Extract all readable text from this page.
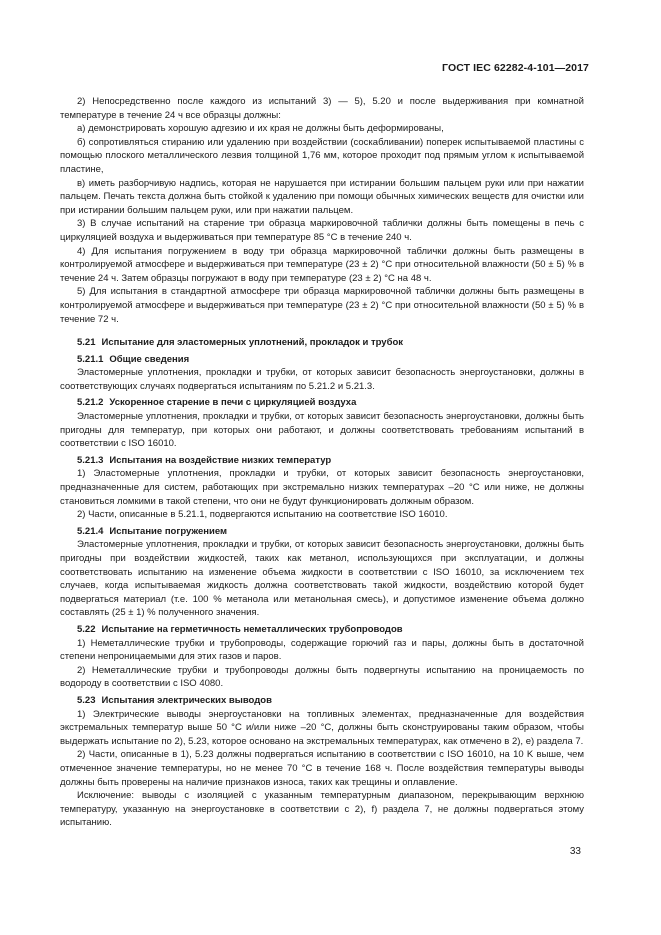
ГОСТ IEC 62282-4-101—2017

2) Непосредственно после каждого из испытаний 3) — 5), 5.20 и после выдерживания при комнатной температуре в течение 24 ч все образцы должны:

а) демонстрировать хорошую адгезию и их края не должны быть деформированы,

б) сопротивляться стиранию или удалению при воздействии (соскабливании) поперек испытываемой пластины с помощью плоского металлического лезвия толщиной 1,76 мм, которое проходит под прямым углом к испытываемой пластине,

в) иметь разборчивую надпись, которая не нарушается при истирании большим пальцем руки или при нажатии пальцем. Печать текста должна быть стойкой к удалению при помощи обычных химических веществ для очистки или при истирании большим пальцем руки, или при нажатии пальцем.

3) В случае испытаний на старение три образца маркировочной таблички должны быть помещены в печь с циркуляцией воздуха и выдерживаться при температуре 85 °C в течение 240 ч.

4) Для испытания погружением в воду три образца маркировочной таблички должны быть размещены в контролируемой атмосфере и выдерживаться при температуре (23 ± 2) °C при относительной влажности (50 ± 5) % в течение 24 ч. Затем образцы погружают в воду при температуре (23 ± 2) °C на 48 ч.

5) Для испытания в стандартной атмосфере три образца маркировочной таблички должны быть размещены в контролируемой атмосфере и выдерживаться при температуре (23 ± 2) °C при относительной влажности (50 ± 5) % в течение 72 ч.

5.21 Испытание для эластомерных уплотнений, прокладок и трубок
5.21.1 Общие сведения

Эластомерные уплотнения, прокладки и трубки, от которых зависит безопасность энергоустановки, должны в соответствующих случаях подвергаться испытаниям по 5.21.2 и 5.21.3.

5.21.2 Ускоренное старение в печи с циркуляцией воздуха

Эластомерные уплотнения, прокладки и трубки, от которых зависит безопасность энергоустановки, должны быть пригодны для температур, при которых они работают, и должны соответствовать требованиям испытаний в соответствии с ISO 16010.

5.21.3 Испытания на воздействие низких температур

1) Эластомерные уплотнения, прокладки и трубки, от которых зависит безопасность энергоустановки, предназначенные для систем, работающих при экстремально низких температурах –20 °C или ниже, не должны становиться ломкими в такой степени, что они не будут функционировать должным образом.

2) Части, описанные в 5.21.1, подвергаются испытанию на соответствие ISO 16010.

5.21.4 Испытание погружением

Эластомерные уплотнения, прокладки и трубки, от которых зависит безопасность энергоустановки, должны быть пригодны при воздействии жидкостей, таких как метанол, использующихся при эксплуатации, и должны соответствовать испытанию на изменение объема жидкости в соответствии с ISO 16010, за исключением тех случаев, когда испытываемая жидкость должна соответствовать такой жидкости, воздействию которой будет подвергаться материал (т.е. 100 % метанола или метанольная смесь), и допустимое изменение объема должно составлять (25 ± 1) % полученного значения.

5.22 Испытание на герметичность неметаллических трубопроводов

1) Неметаллические трубки и трубопроводы, содержащие горючий газ и пары, должны быть в достаточной степени непроницаемыми для этих газов и паров.

2) Неметаллические трубки и трубопроводы должны быть подвергнуты испытанию на проницаемость по водороду в соответствии с ISO 4080.

5.23 Испытания электрических выводов

1) Электрические выводы энергоустановки на топливных элементах, предназначенные для воздействия экстремальных температур выше 50 °C и/или ниже –20 °C, должны быть сконструированы таким образом, чтобы выдержать испытание по 2), 5.23, которое основано на экстремальных температурах, как отмечено в 2), е) раздела 7.

2) Части, описанные в 1), 5.23 должны подвергаться испытанию в соответствии с ISO 16010, на 10 K выше, чем отмеченное значение температуры, но не менее 70 °C в течение 168 ч. После воздействия температуры выводы должны быть проверены на наличие признаков износа, таких как трещины и оплавление.

Исключение: выводы с изоляцией с указанным температурным диапазоном, перекрывающим верхнюю температуру, указанную на энергоустановке в соответствии с 2), f) раздела 7, не должны подвергаться этому испытанию.

33
